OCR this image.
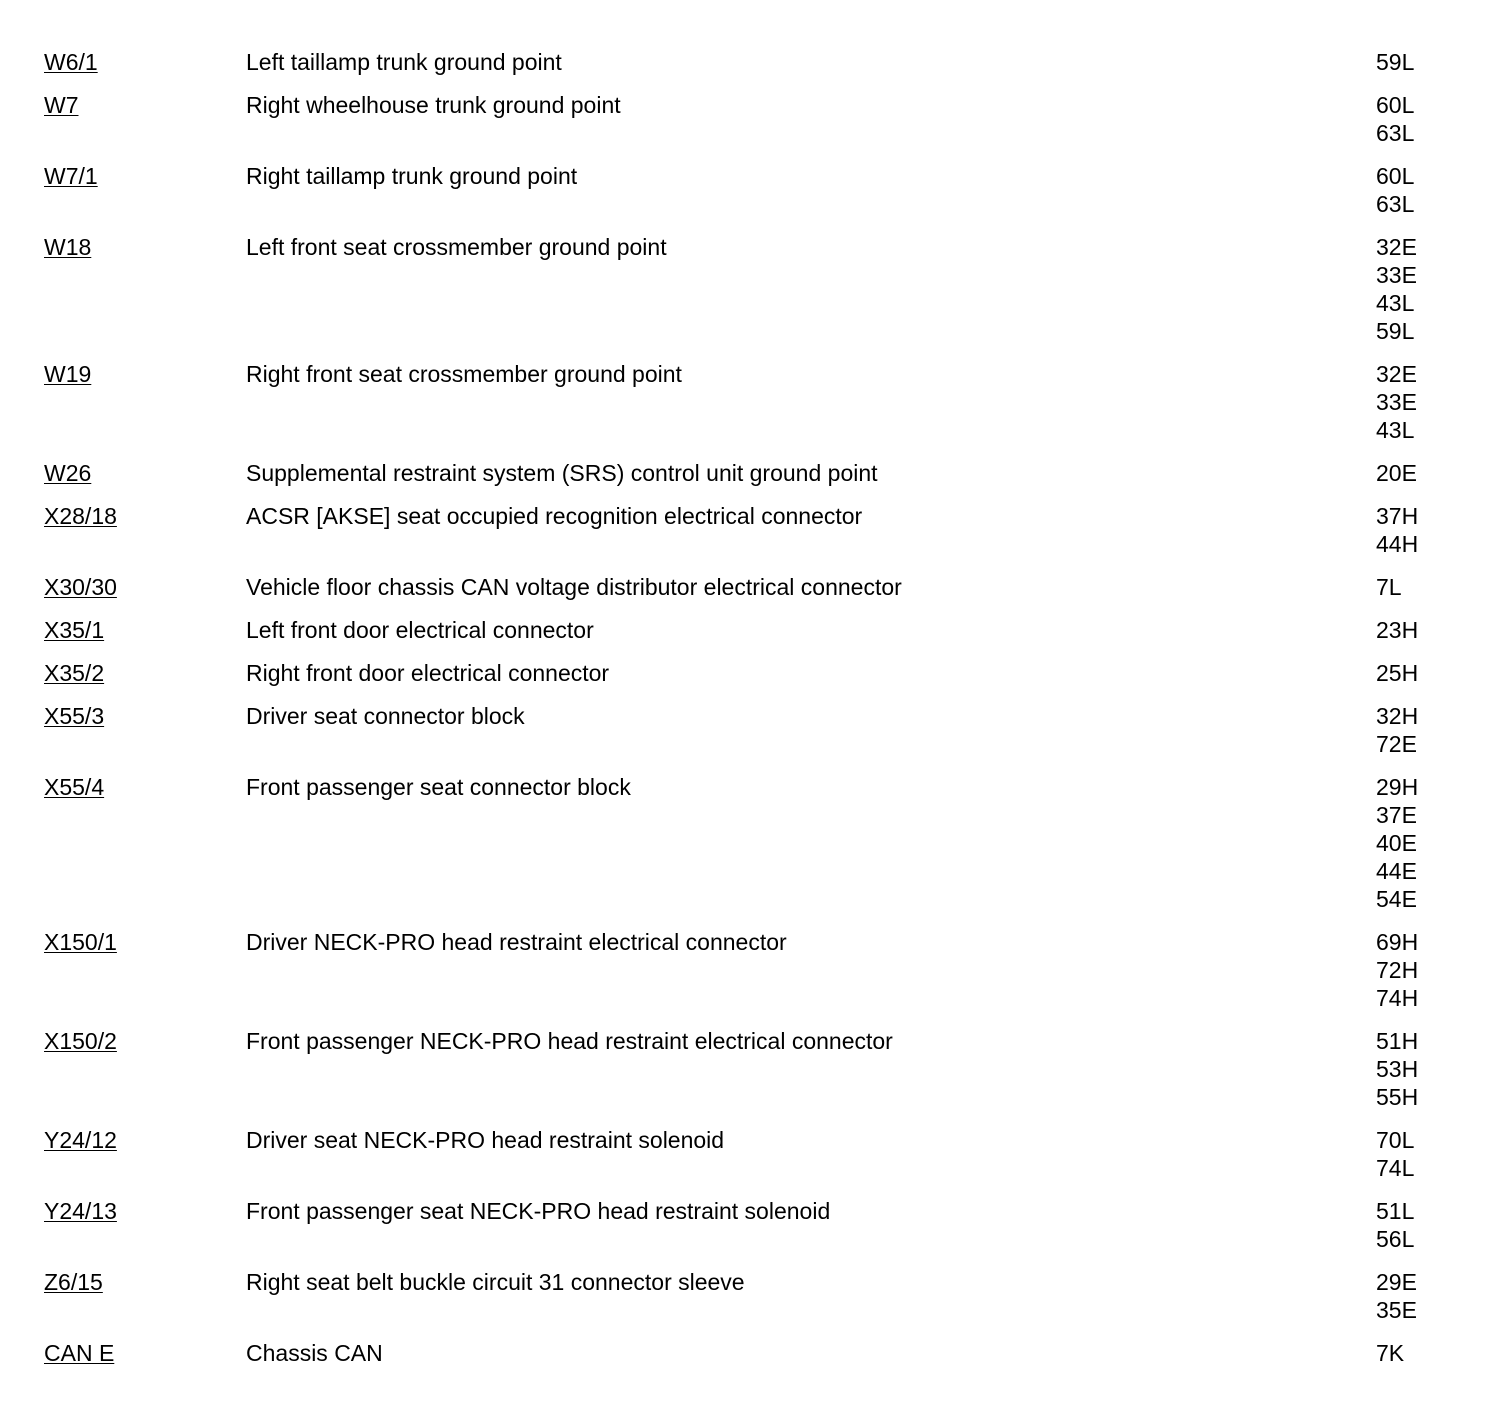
W6/1	Left taillamp trunk ground point	59L
W7	Right wheelhouse trunk ground point	60L
63L
W7/1	Right taillamp trunk ground point	60L
63L
W18	Left front seat crossmember ground point	32E
33E
43L
59L
W19	Right front seat crossmember ground point	32E
33E
43L
W26	Supplemental restraint system (SRS) control unit ground point	20E
X28/18	ACSR [AKSE] seat occupied recognition electrical connector	37H
44H
X30/30	Vehicle floor chassis CAN voltage distributor electrical connector	7L
X35/1	Left front door electrical connector	23H
X35/2	Right front door electrical connector	25H
X55/3	Driver seat connector block	32H
72E
X55/4	Front passenger seat connector block	29H
37E
40E
44E
54E
X150/1	Driver NECK-PRO head restraint electrical connector	69H
72H
74H
X150/2	Front passenger NECK-PRO head restraint electrical connector	51H
53H
55H
Y24/12	Driver seat NECK-PRO head restraint solenoid	70L
74L
Y24/13	Front passenger seat NECK-PRO head restraint solenoid	51L
56L
Z6/15	Right seat belt buckle circuit 31 connector sleeve	29E
35E
CAN E	Chassis CAN	7K
